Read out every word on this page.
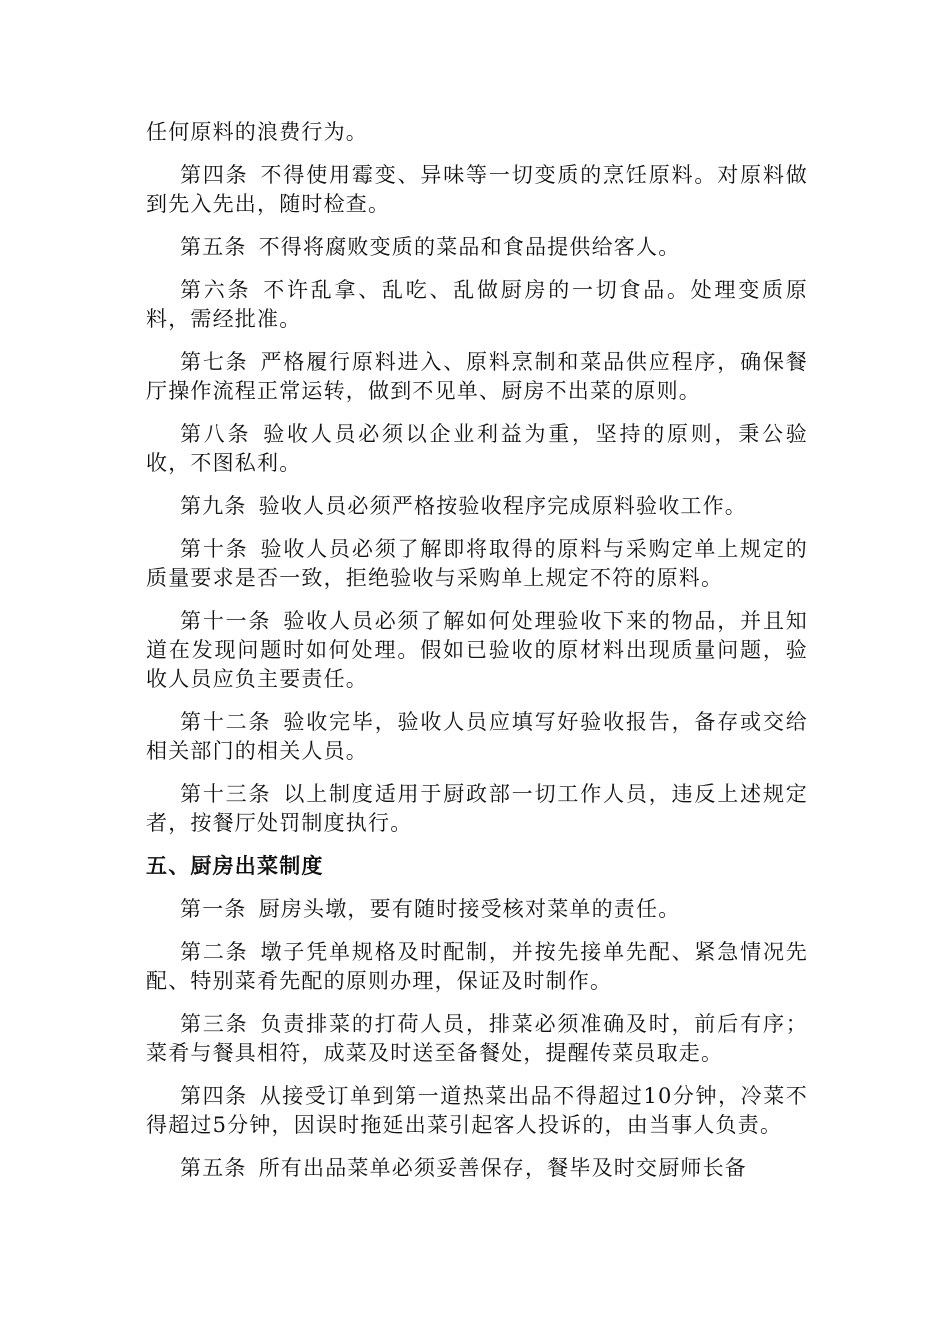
任何原料的浪费行为。

第四条 不得使用霉变、异味等一切变质的烹饪原料。对原料做到先入先出，随时检查。

第五条 不得将腐败变质的菜品和食品提供给客人。

第六条 不许乱拿、乱吃、乱做厨房的一切食品。处理变质原料，需经批准。

第七条 严格履行原料进入、原料烹制和菜品供应程序，确保餐厅操作流程正常运转，做到不见单、厨房不出菜的原则。

第八条 验收人员必须以企业利益为重，坚持的原则，秉公验收，不图私利。

第九条 验收人员必须严格按验收程序完成原料验收工作。

第十条 验收人员必须了解即将取得的原料与采购定单上规定的质量要求是否一致，拒绝验收与采购单上规定不符的原料。

第十一条 验收人员必须了解如何处理验收下来的物品，并且知道在发现问题时如何处理。假如已验收的原材料出现质量问题，验收人员应负主要责任。

第十二条 验收完毕，验收人员应填写好验收报告，备存或交给相关部门的相关人员。

第十三条 以上制度适用于厨政部一切工作人员，违反上述规定者，按餐厅处罚制度执行。

五、厨房出菜制度

第一条 厨房头墩，要有随时接受核对菜单的责任。

第二条 墩子凭单规格及时配制，并按先接单先配、紧急情况先配、特别菜肴先配的原则办理，保证及时制作。

第三条 负责排菜的打荷人员，排菜必须准确及时，前后有序；菜肴与餐具相符，成菜及时送至备餐处，提醒传菜员取走。

第四条 从接受订单到第一道热菜出品不得超过10分钟，冷菜不得超过5分钟，因误时拖延出菜引起客人投诉的，由当事人负责。

第五条 所有出品菜单必须妥善保存，餐毕及时交厨师长备
